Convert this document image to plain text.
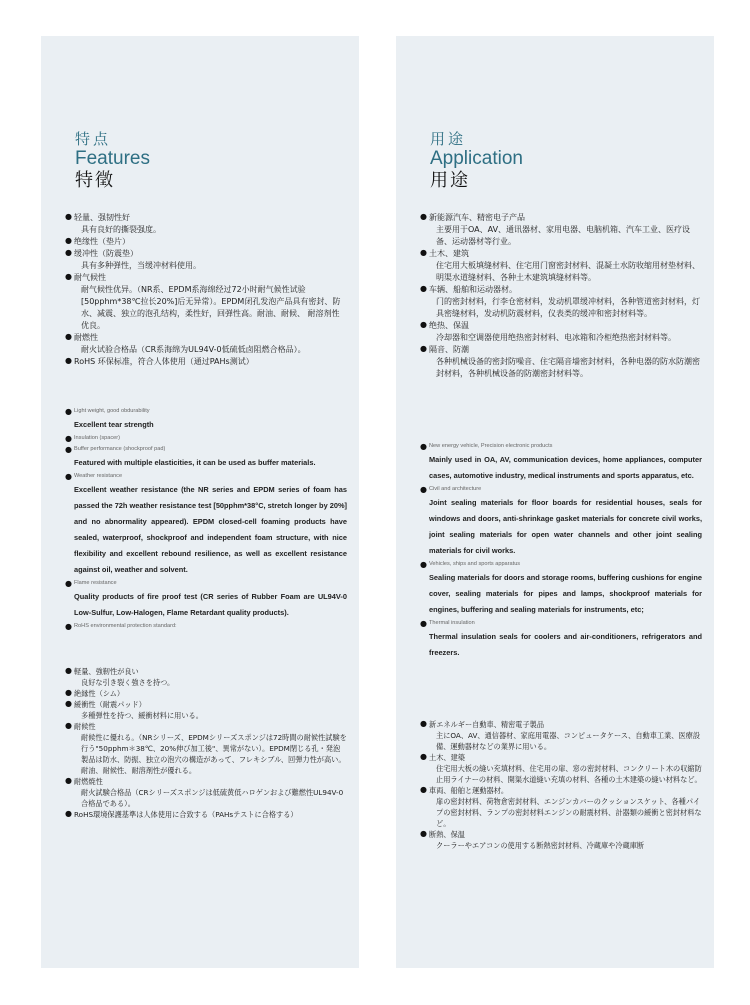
特点
Features
特徵
● 轻量、强韧性好
具有良好的撕裂强度。
● 绝缘性（垫片）
● 缓冲性（防震垫）
具有多种弹性，当缓冲材料使用。
● 耐气候性
耐气候性优异。（NR系、EPDM系海绵经过72小时耐气候性试验[50pphm*38℃拉长20%]后无异常）。EPDM闭孔发泡产品具有密封、防水、减震、独立的泡孔结构，柔性好，回弹性高。耐油、耐候、 耐溶剂性优良。
● 耐燃性
耐火试验合格品（CR系海绵为UL94V-0低硫低卤阻燃合格品）。
● RoHS 环保标准，符合人体使用（通过PAHs测试）
● Light weight, good obdurability
Excellent tear strength
● Insulation (spacer)
● Buffer performance (shockproof pad)
Featured with multiple elasticities, it can be used as buffer materials.
● Weather resistance
Excellent weather resistance (the NR series and EPDM series of foam has passed the 72h weather resistance test [50pphm*38°C, stretch longer by 20%] and no abnormality appeared). EPDM closed-cell foaming products have sealed, waterproof, shockproof and independent foam structure, with nice flexibility and excellent rebound resilience, as well as excellent resistance against oil, weather and solvent.
● Flame resistance
Quality products of fire proof test (CR series of Rubber Foam are UL94V-0 Low-Sulfur, Low-Halogen, Flame Retardant quality products).
● RoHS environmental protection standard:
● 軽量、強靭性が良い
良好な引き裂く強さを持つ。
● 絶縁性（シム）
● 緩衝性（耐震パッド）
多種弾性を持つ、緩衝材料に用いる。
● 耐候性
耐候性に優れる。（NRシリーズ、EPDMシリーズスポンジは72時間の耐候性試験を行う"50pphm＊38℃、20%伸び加工後"、異常がない）。EPDM閉じる孔・発泡製品は防水、防振、独立の泡穴の構造があって、フレキシブル、回弾力性が高い。耐油、耐候性、耐溶剤性が優れる。
● 耐燃焼性
耐火試験合格品（CRシリーズスポンジは低硫黄低ハロゲンおよび難燃性UL94V-0合格品である）。
● RoHS環境保護基準は人体使用に合致する（PAHsテストに合格する）
用途
Application
用途
● 新能源汽车、精密电子产品
主要用于OA、AV、通讯器材、家用电器、电脑机箱、汽车工业、医疗设备、运动器材等行业。
● 土木、建筑
住宅用大板填缝材料、住宅用门窗密封材料、混凝土水防收缩用材垫材料、明渠水道缝材料、各种土木建筑填缝材料等。
● 车辆、船舶和运动器材。
门的密封材料，行李仓密材料，发动机罩缓冲材料，各种管道密封材料，灯具密缝材料，发动机防震材料，仪表类的缓冲和密封材料等。
● 绝热、保温
冷却器和空调器使用绝热密封材料、电冰箱和冷柜绝热密封材料等。
● 隔音、防潮
各种机械设备的密封防噪音、住宅隔音墙密封材料，各种电器的防水防潮密封材料，各种机械设备的防潮密封材料等。
● New energy vehicle, Precision electronic products
Mainly used in OA, AV, communication devices, home appliances, computer cases, automotive industry, medical instruments and sports apparatus, etc.
● Civil and architecture
Joint sealing materials for floor boards for residential houses, seals for windows and doors, anti-shrinkage gasket materials for concrete civil works, joint sealing materials for open water channels and other joint sealing materials for civil works.
● Vehicles, ships and sports apparatus
Sealing materials for doors and storage rooms, buffering cushions for engine cover, sealing materials for pipes and lamps, shockproof materials for engines, buffering and sealing materials for instruments, etc;
● Thermal insulation
Thermal insulation seals for coolers and air-conditioners, refrigerators and freezers.
● 新エネルギー自動車、精密電子製品
主にOA、AV、通信器材、家庭用電器、コンピュータケース、自動車工業、医療設備、運動器材などの業界に用いる。
● 土木、建築
住宅用大板の縫い充填材料、住宅用の扉、窓の密封材料、コンクリート木の収縮防止用ライナーの材料、開渠水道縫い充填の材料、各種の土木建築の縫い材料など。
● 車両、船舶と運動器材。
扉の密封材料、荷物倉密封材料、エンジンカバーのクッションスケット、各種パイプの密封材料、ランプの密封材料エンジンの耐震材料、計器類の緩衝と密封材料など。
● 断熱、保温
クーラーやエアコンの使用する断熱密封材料、冷蔵庫や冷蔵庫断
